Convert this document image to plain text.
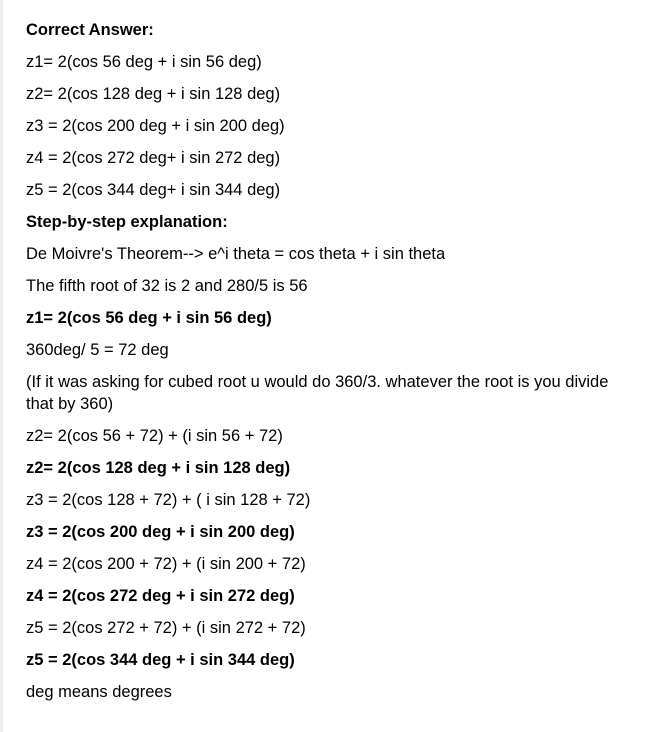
Correct Answer:
z1= 2(cos 56 deg + i sin 56 deg)
z2= 2(cos 128 deg + i sin 128 deg)
z3 = 2(cos 200 deg + i sin 200 deg)
z4 = 2(cos 272 deg+ i sin 272 deg)
z5 = 2(cos 344 deg+ i sin 344 deg)
Step-by-step explanation:
De Moivre's Theorem--> e^i theta = cos theta + i sin theta
The fifth root of 32 is 2 and 280/5 is 56
z1= 2(cos 56 deg + i sin 56 deg)
360deg/ 5 = 72 deg
(If it was asking for cubed root u would do 360/3. whatever the root is you divide that by 360)
z2= 2(cos 56 + 72) + (i sin 56 + 72)
z2= 2(cos 128 deg + i sin 128 deg)
z3 = 2(cos 128 + 72) + ( i sin 128 + 72)
z3 = 2(cos 200 deg + i sin 200 deg)
z4 = 2(cos 200 + 72) + (i sin 200 + 72)
z4 = 2(cos 272 deg + i sin 272 deg)
z5 = 2(cos 272 + 72) + (i sin 272 + 72)
z5 = 2(cos 344 deg + i sin 344 deg)
deg means degrees
